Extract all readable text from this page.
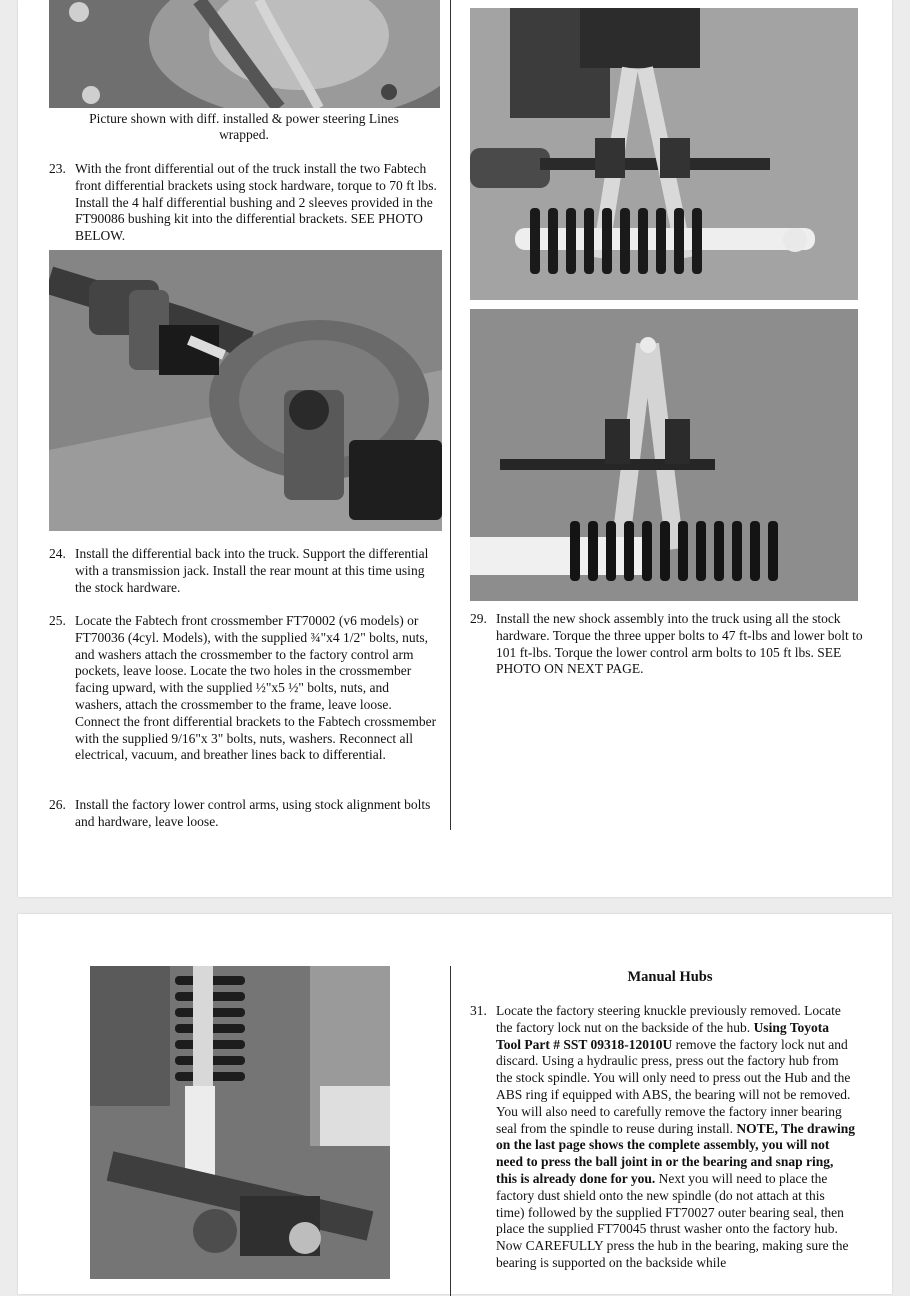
Picture shown with diff. installed & power steering Lines wrapped.
23. With the front differential out of the truck install the two Fabtech front differential brackets using stock hardware, torque to 70 ft lbs. Install the 4 half differential bushing and 2 sleeves provided in the FT90086 bushing kit into the differential brackets. SEE PHOTO BELOW.
24. Install the differential back into the truck. Support the differential with a transmission jack. Install the rear mount at this time using the stock hardware.
25. Locate the Fabtech front crossmember FT70002 (v6 models) or FT70036 (4cyl. Models), with the supplied ¾"x4 1/2" bolts, nuts, and washers attach the crossmember to the factory control arm pockets, leave loose. Locate the two holes in the crossmember facing upward, with the supplied ½"x5 ½" bolts, nuts, and washers, attach the crossmember to the frame, leave loose. Connect the front differential brackets to the Fabtech crossmember with the supplied 9/16"x 3" bolts, nuts, washers. Reconnect all electrical, vacuum, and breather lines back to differential.
26. Install the factory lower control arms, using stock alignment bolts and hardware, leave loose.
29. Install the new shock assembly into the truck using all the stock hardware. Torque the three upper bolts to 47 ft-lbs and lower bolt to 101 ft-lbs. Torque the lower control arm bolts to 105 ft lbs. SEE PHOTO ON NEXT PAGE.
Manual Hubs
31. Locate the factory steering knuckle previously removed. Locate the factory lock nut on the backside of the hub. Using Toyota Tool Part # SST 09318-12010U remove the factory lock nut and discard. Using a hydraulic press, press out the factory hub from the stock spindle. You will only need to press out the Hub and the ABS ring if equipped with ABS, the bearing will not be removed. You will also need to carefully remove the factory inner bearing seal from the spindle to reuse during install. NOTE, The drawing on the last page shows the complete assembly, you will not need to press the ball joint in or the bearing and snap ring, this is already done for you. Next you will need to place the factory dust shield onto the new spindle (do not attach at this time) followed by the supplied FT70027 outer bearing seal, then place the supplied FT70045 thrust washer onto the factory hub. Now CAREFULLY press the hub in the bearing, making sure the bearing is supported on the backside while
